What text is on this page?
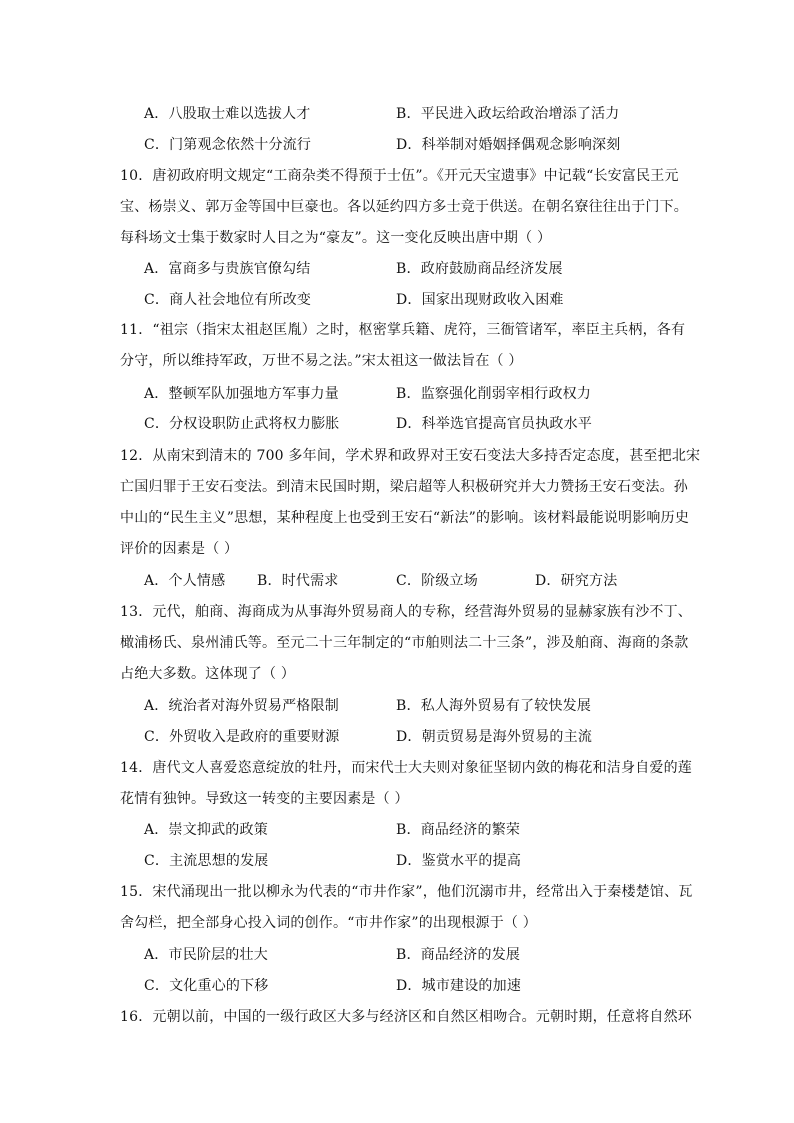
A．八股取士难以选拔人才	B．平民进入政坛给政治增添了活力
C．门第观念依然十分流行	D．科举制对婚姻择偶观念影响深刻
10．唐初政府明文规定“工商杂类不得预于士伍”。《开元天宝遗事》中记载“长安富民王元
宝、杨崇义、郭万金等国中巨豪也。各以延约四方多士竞于供送。在朝名寮往往出于门下。
每科场文士集于数家时人目之为“豪友”。这一变化反映出唐中期（ ）
A．富商多与贵族官僚勾结	B．政府鼓励商品经济发展
C．商人社会地位有所改变	D．国家出现财政收入困难
11．“祖宗（指宋太祖赵匡胤）之时，枢密掌兵籍、虎符，三衙管诸军，率臣主兵柄，各有
分守，所以维持军政，万世不易之法。”宋太祖这一做法旨在（ ）
A．整顿军队加强地方军事力量	B．监察强化削弱宰相行政权力
C．分权设职防止武将权力膨胀	D．科举选官提高官员执政水平
12．从南宋到清末的 700 多年间，学术界和政界对王安石变法大多持否定态度，甚至把北宋
亡国归罪于王安石变法。到清末民国时期，梁启超等人积极研究并大力赞扬王安石变法。孙
中山的“民生主义”思想，某种程度上也受到王安石“新法”的影响。该材料最能说明影响历史
评价的因素是（ ）
A．个人情感 B．时代需求	C．阶级立场	D．研究方法
13．元代，舶商、海商成为从事海外贸易商人的专称，经营海外贸易的显赫家族有沙不丁、
橄浦杨氏、泉州浦氏等。至元二十三年制定的“市舶则法二十三条”，涉及舶商、海商的条款
占绝大多数。这体现了（ ）
A．统治者对海外贸易严格限制	B．私人海外贸易有了较快发展
C．外贸收入是政府的重要财源	D．朝贡贸易是海外贸易的主流
14．唐代文人喜爱恣意绽放的牡丹，而宋代士大夫则对象征坚韧内敛的梅花和洁身自爱的莲
花情有独钟。导致这一转变的主要因素是（ ）
A．崇文抑武的政策	B．商品经济的繁荣
C．主流思想的发展	D．鉴赏水平的提高
15．宋代涌现出一批以柳永为代表的“市井作家”，他们沉溺市井，经常出入于秦楼楚馆、瓦
舍勾栏，把全部身心投入词的创作。“市井作家”的出现根源于（ ）
A．市民阶层的壮大	B．商品经济的发展
C．文化重心的下移	D．城市建设的加速
16．元朝以前，中国的一级行政区大多与经济区和自然区相吻合。元朝时期，任意将自然环
